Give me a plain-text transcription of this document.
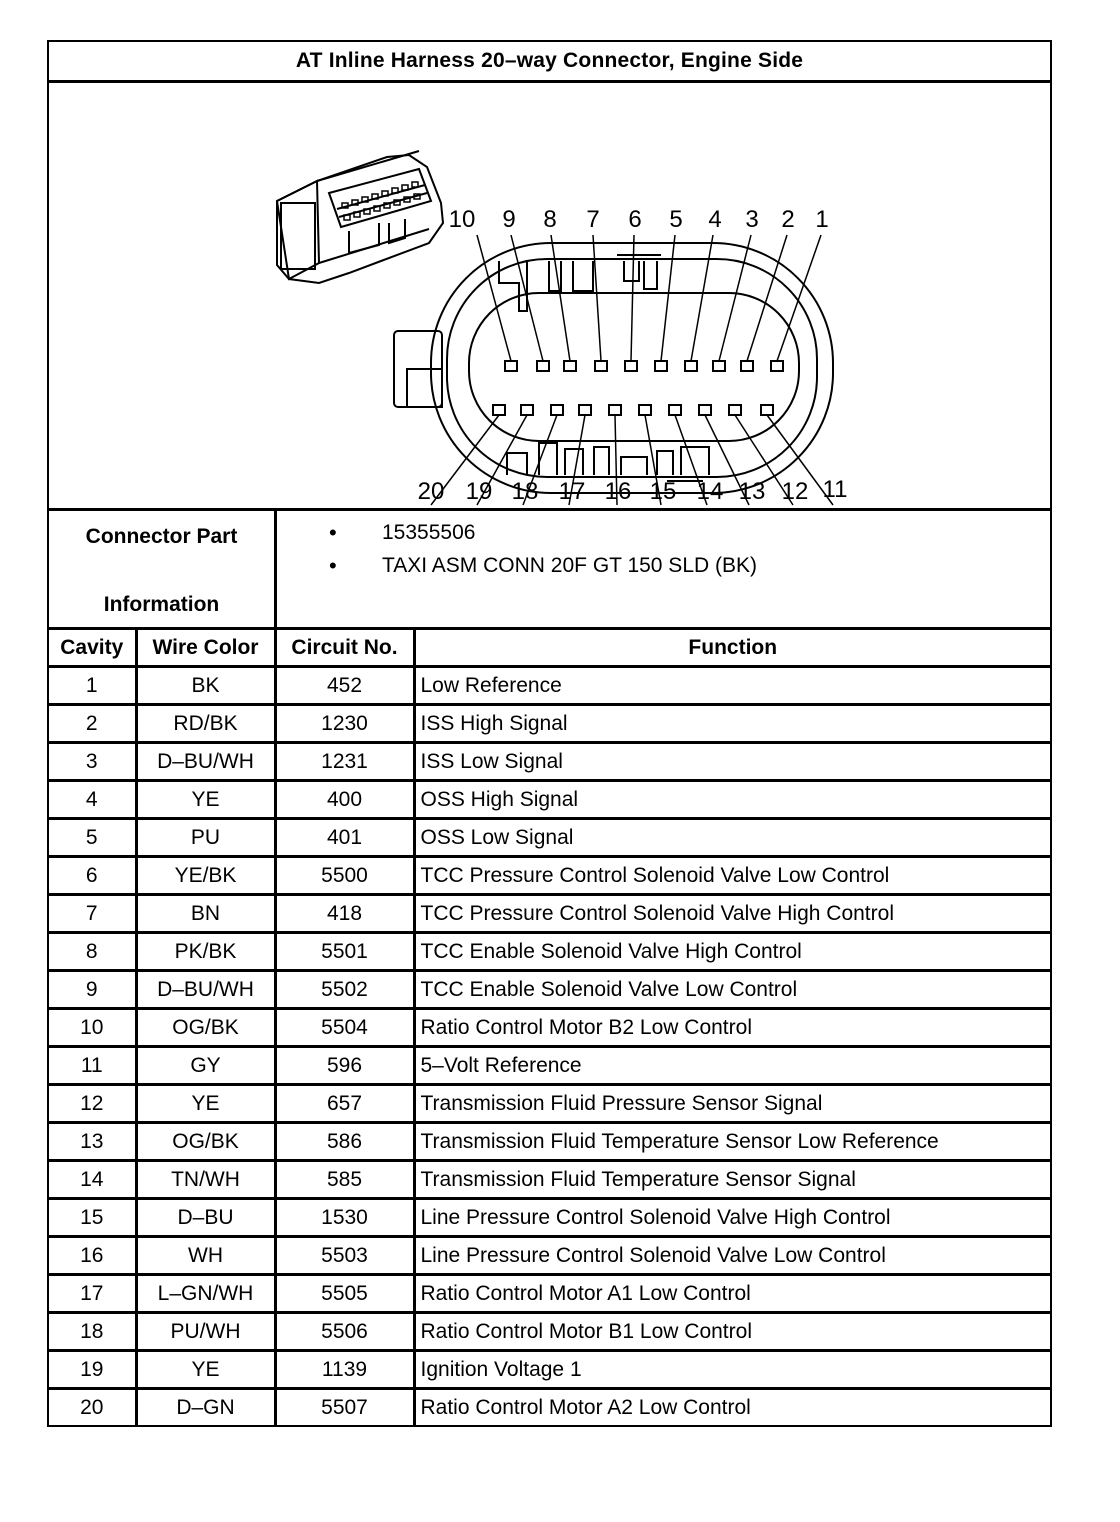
AT Inline Harness 20–way Connector, Engine Side
10 9 8 7 6 5 4 3 2 1
20 19 18 17 16 15 14 13 12 11
Connector Part
Information
• 15355506
• TAXI ASM CONN 20F GT 150 SLD (BK)
Cavity	Wire Color	Circuit No.	Function
1	BK	452	Low Reference
2	RD/BK	1230	ISS High Signal
3	D–BU/WH	1231	ISS Low Signal
4	YE	400	OSS High Signal
5	PU	401	OSS Low Signal
6	YE/BK	5500	TCC Pressure Control Solenoid Valve Low Control
7	BN	418	TCC Pressure Control Solenoid Valve High Control
8	PK/BK	5501	TCC Enable Solenoid Valve High Control
9	D–BU/WH	5502	TCC Enable Solenoid Valve Low Control
10	OG/BK	5504	Ratio Control Motor B2 Low Control
11	GY	596	5–Volt Reference
12	YE	657	Transmission Fluid Pressure Sensor Signal
13	OG/BK	586	Transmission Fluid Temperature Sensor Low Reference
14	TN/WH	585	Transmission Fluid Temperature Sensor Signal
15	D–BU	1530	Line Pressure Control Solenoid Valve High Control
16	WH	5503	Line Pressure Control Solenoid Valve Low Control
17	L–GN/WH	5505	Ratio Control Motor A1 Low Control
18	PU/WH	5506	Ratio Control Motor B1 Low Control
19	YE	1139	Ignition Voltage 1
20	D–GN	5507	Ratio Control Motor A2 Low Control
